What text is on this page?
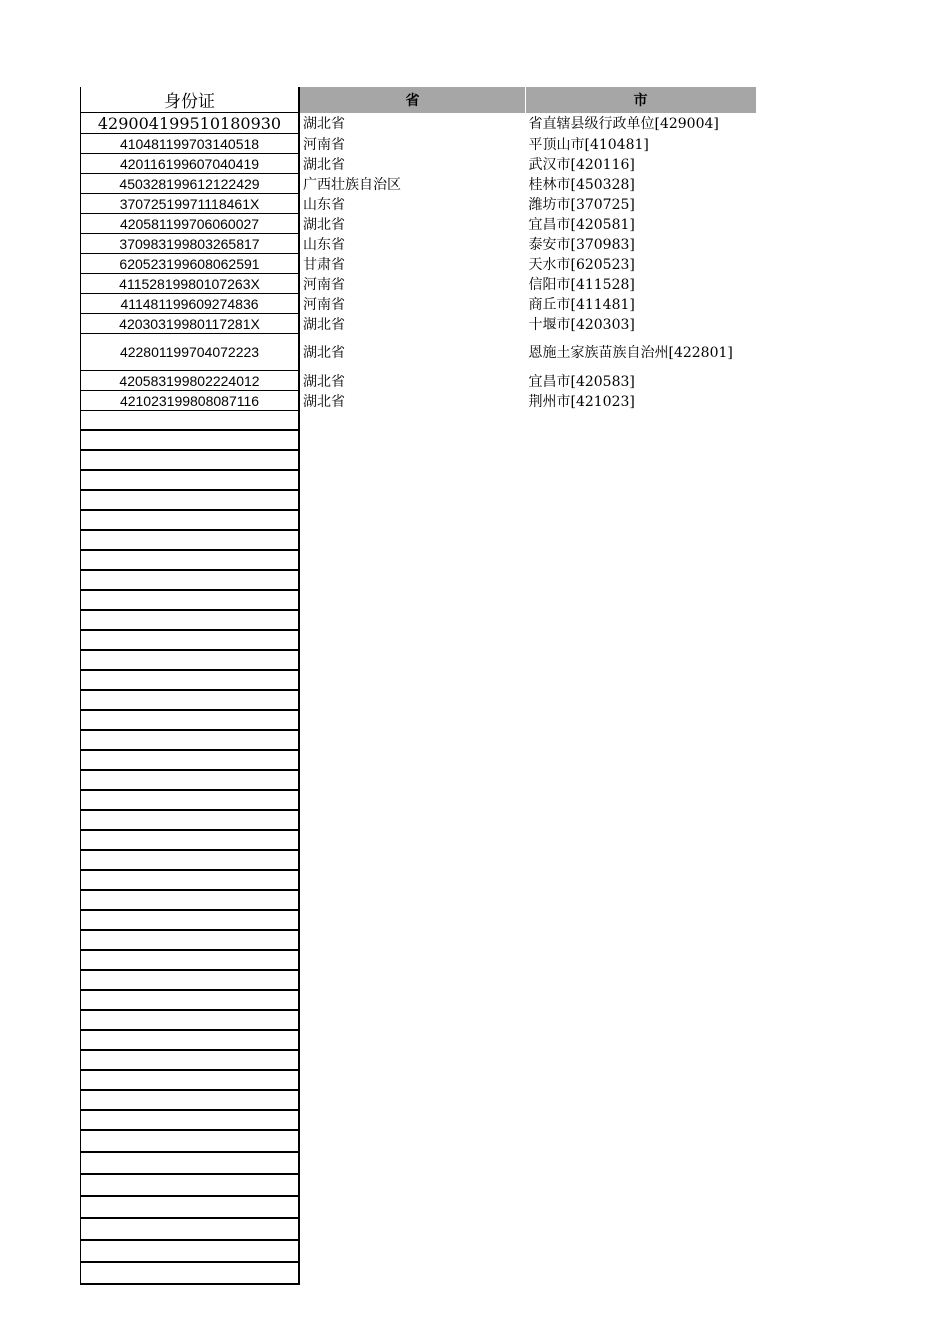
身份证	省	市
429004199510180930	湖北省	省直辖县级行政单位[429004]
410481199703140518	河南省	平顶山市[410481]
420116199607040419	湖北省	武汉市[420116]
450328199612122429	广西壮族自治区	桂林市[450328]
37072519971118461X	山东省	潍坊市[370725]
420581199706060027	湖北省	宜昌市[420581]
370983199803265817	山东省	泰安市[370983]
620523199608062591	甘肃省	天水市[620523]
41152819980107263X	河南省	信阳市[411528]
411481199609274836	河南省	商丘市[411481]
42030319980117281X	湖北省	十堰市[420303]
422801199704072223	湖北省	恩施土家族苗族自治州[422801]
420583199802224012	湖北省	宜昌市[420583]
421023199808087116	湖北省	荆州市[421023]
